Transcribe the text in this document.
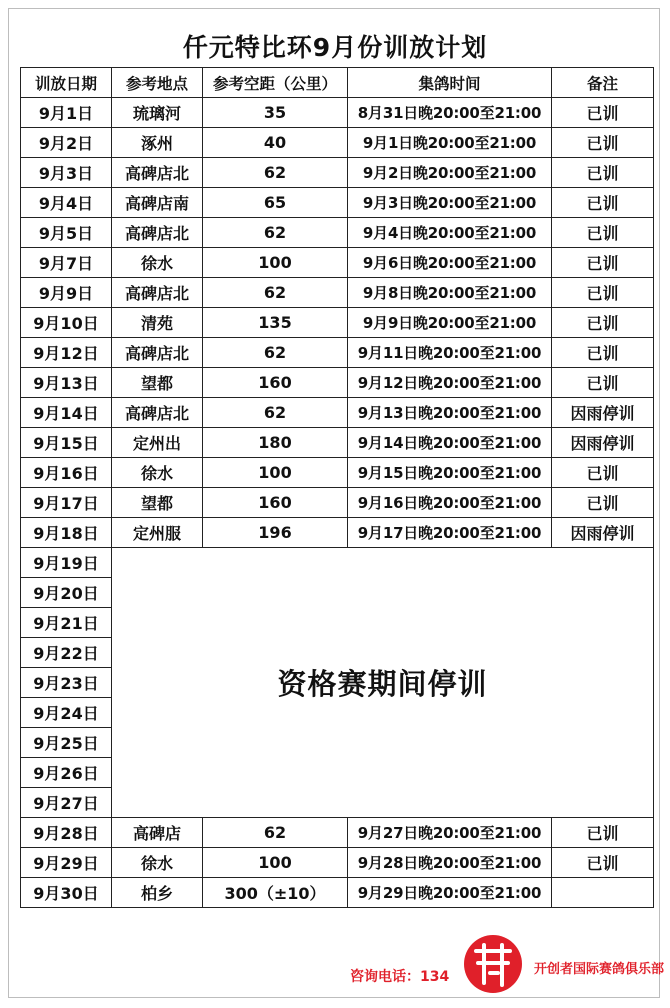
仟元特比环9月份训放计划
训放日期	参考地点	参考空距（公里）	集鸽时间	备注
9月1日	琉璃河	35	8月31日晚20:00至21:00	已训
9月2日	涿州	40	9月1日晚20:00至21:00	已训
9月3日	高碑店北	62	9月2日晚20:00至21:00	已训
9月4日	高碑店南	65	9月3日晚20:00至21:00	已训
9月5日	高碑店北	62	9月4日晚20:00至21:00	已训
9月7日	徐水	100	9月6日晚20:00至21:00	已训
9月9日	高碑店北	62	9月8日晚20:00至21:00	已训
9月10日	清苑	135	9月9日晚20:00至21:00	已训
9月12日	高碑店北	62	9月11日晚20:00至21:00	已训
9月13日	望都	160	9月12日晚20:00至21:00	已训
9月14日	高碑店北	62	9月13日晚20:00至21:00	因雨停训
9月15日	定州出	180	9月14日晚20:00至21:00	因雨停训
9月16日	徐水	100	9月15日晚20:00至21:00	已训
9月17日	望都	160	9月16日晚20:00至21:00	已训
9月18日	定州服	196	9月17日晚20:00至21:00	因雨停训
9月19日	资格赛期间停训			
9月20日				
9月21日				
9月22日				
9月23日				
9月24日				
9月25日				
9月26日				
9月27日				
9月28日	高碑店	62	9月27日晚20:00至21:00	已训
9月29日	徐水	100	9月28日晚20:00至21:00	已训
9月30日	柏乡	300（±10）	9月29日晚20:00至21:00	
咨询电话：134	开创者国际赛鸽俱乐部
